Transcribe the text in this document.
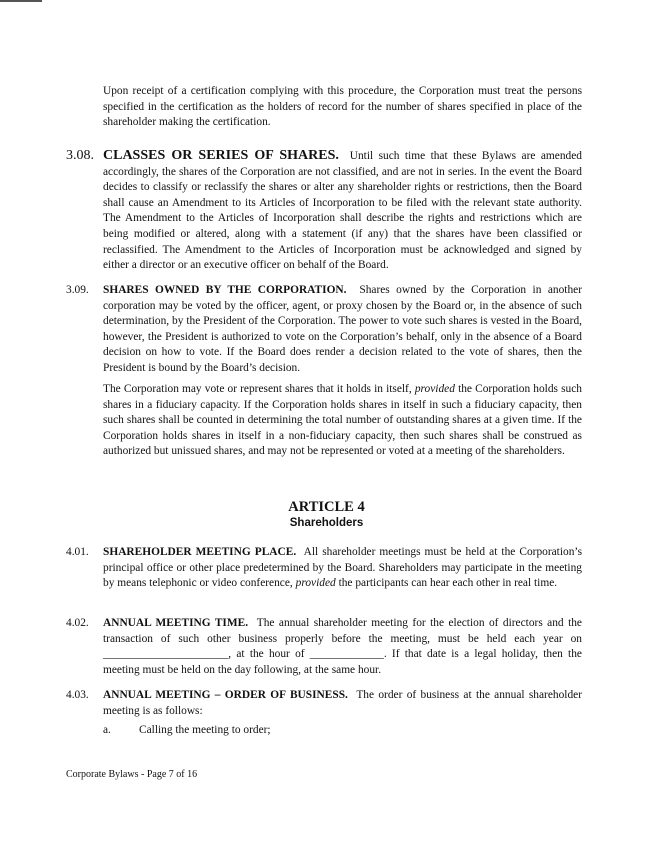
Upon receipt of a certification complying with this procedure, the Corporation must treat the persons specified in the certification as the holders of record for the number of shares specified in place of the shareholder making the certification.

3.08. CLASSES OR SERIES OF SHARES. Until such time that these Bylaws are amended accordingly, the shares of the Corporation are not classified, and are not in series. In the event the Board decides to classify or reclassify the shares or alter any shareholder rights or restrictions, then the Board shall cause an Amendment to its Articles of Incorporation to be filed with the relevant state authority. The Amendment to the Articles of Incorporation shall describe the rights and restrictions which are being modified or altered, along with a statement (if any) that the shares have been classified or reclassified. The Amendment to the Articles of Incorporation must be acknowledged and signed by either a director or an executive officer on behalf of the Board.
3.09. SHARES OWNED BY THE CORPORATION. Shares owned by the Corporation in another corporation may be voted by the officer, agent, or proxy chosen by the Board or, in the absence of such determination, by the President of the Corporation. The power to vote such shares is vested in the Board, however, the President is authorized to vote on the Corporation’s behalf, only in the absence of a Board decision on how to vote. If the Board does render a decision related to the vote of shares, then the President is bound by the Board’s decision.

The Corporation may vote or represent shares that it holds in itself, provided the Corporation holds such shares in a fiduciary capacity. If the Corporation holds shares in itself in such a fiduciary capacity, then such shares shall be counted in determining the total number of outstanding shares at a given time. If the Corporation holds shares in itself in a non-fiduciary capacity, then such shares shall be construed as authorized but unissued shares, and may not be represented or voted at a meeting of the shareholders.

ARTICLE 4
Shareholders
4.01. SHAREHOLDER MEETING PLACE. All shareholder meetings must be held at the Corporation’s principal office or other place predetermined by the Board. Shareholders may participate in the meeting by means telephonic or video conference, provided the participants can hear each other in real time.
4.02. ANNUAL MEETING TIME. The annual shareholder meeting for the election of directors and the transaction of such other business properly before the meeting, must be held each year on ______________________, at the hour of _____________. If that date is a legal holiday, then the meeting must be held on the day following, at the same hour.
4.03. ANNUAL MEETING – ORDER OF BUSINESS. The order of business at the annual shareholder meeting is as follows:
a. Calling the meeting to order;
Corporate Bylaws - Page 7 of 16
